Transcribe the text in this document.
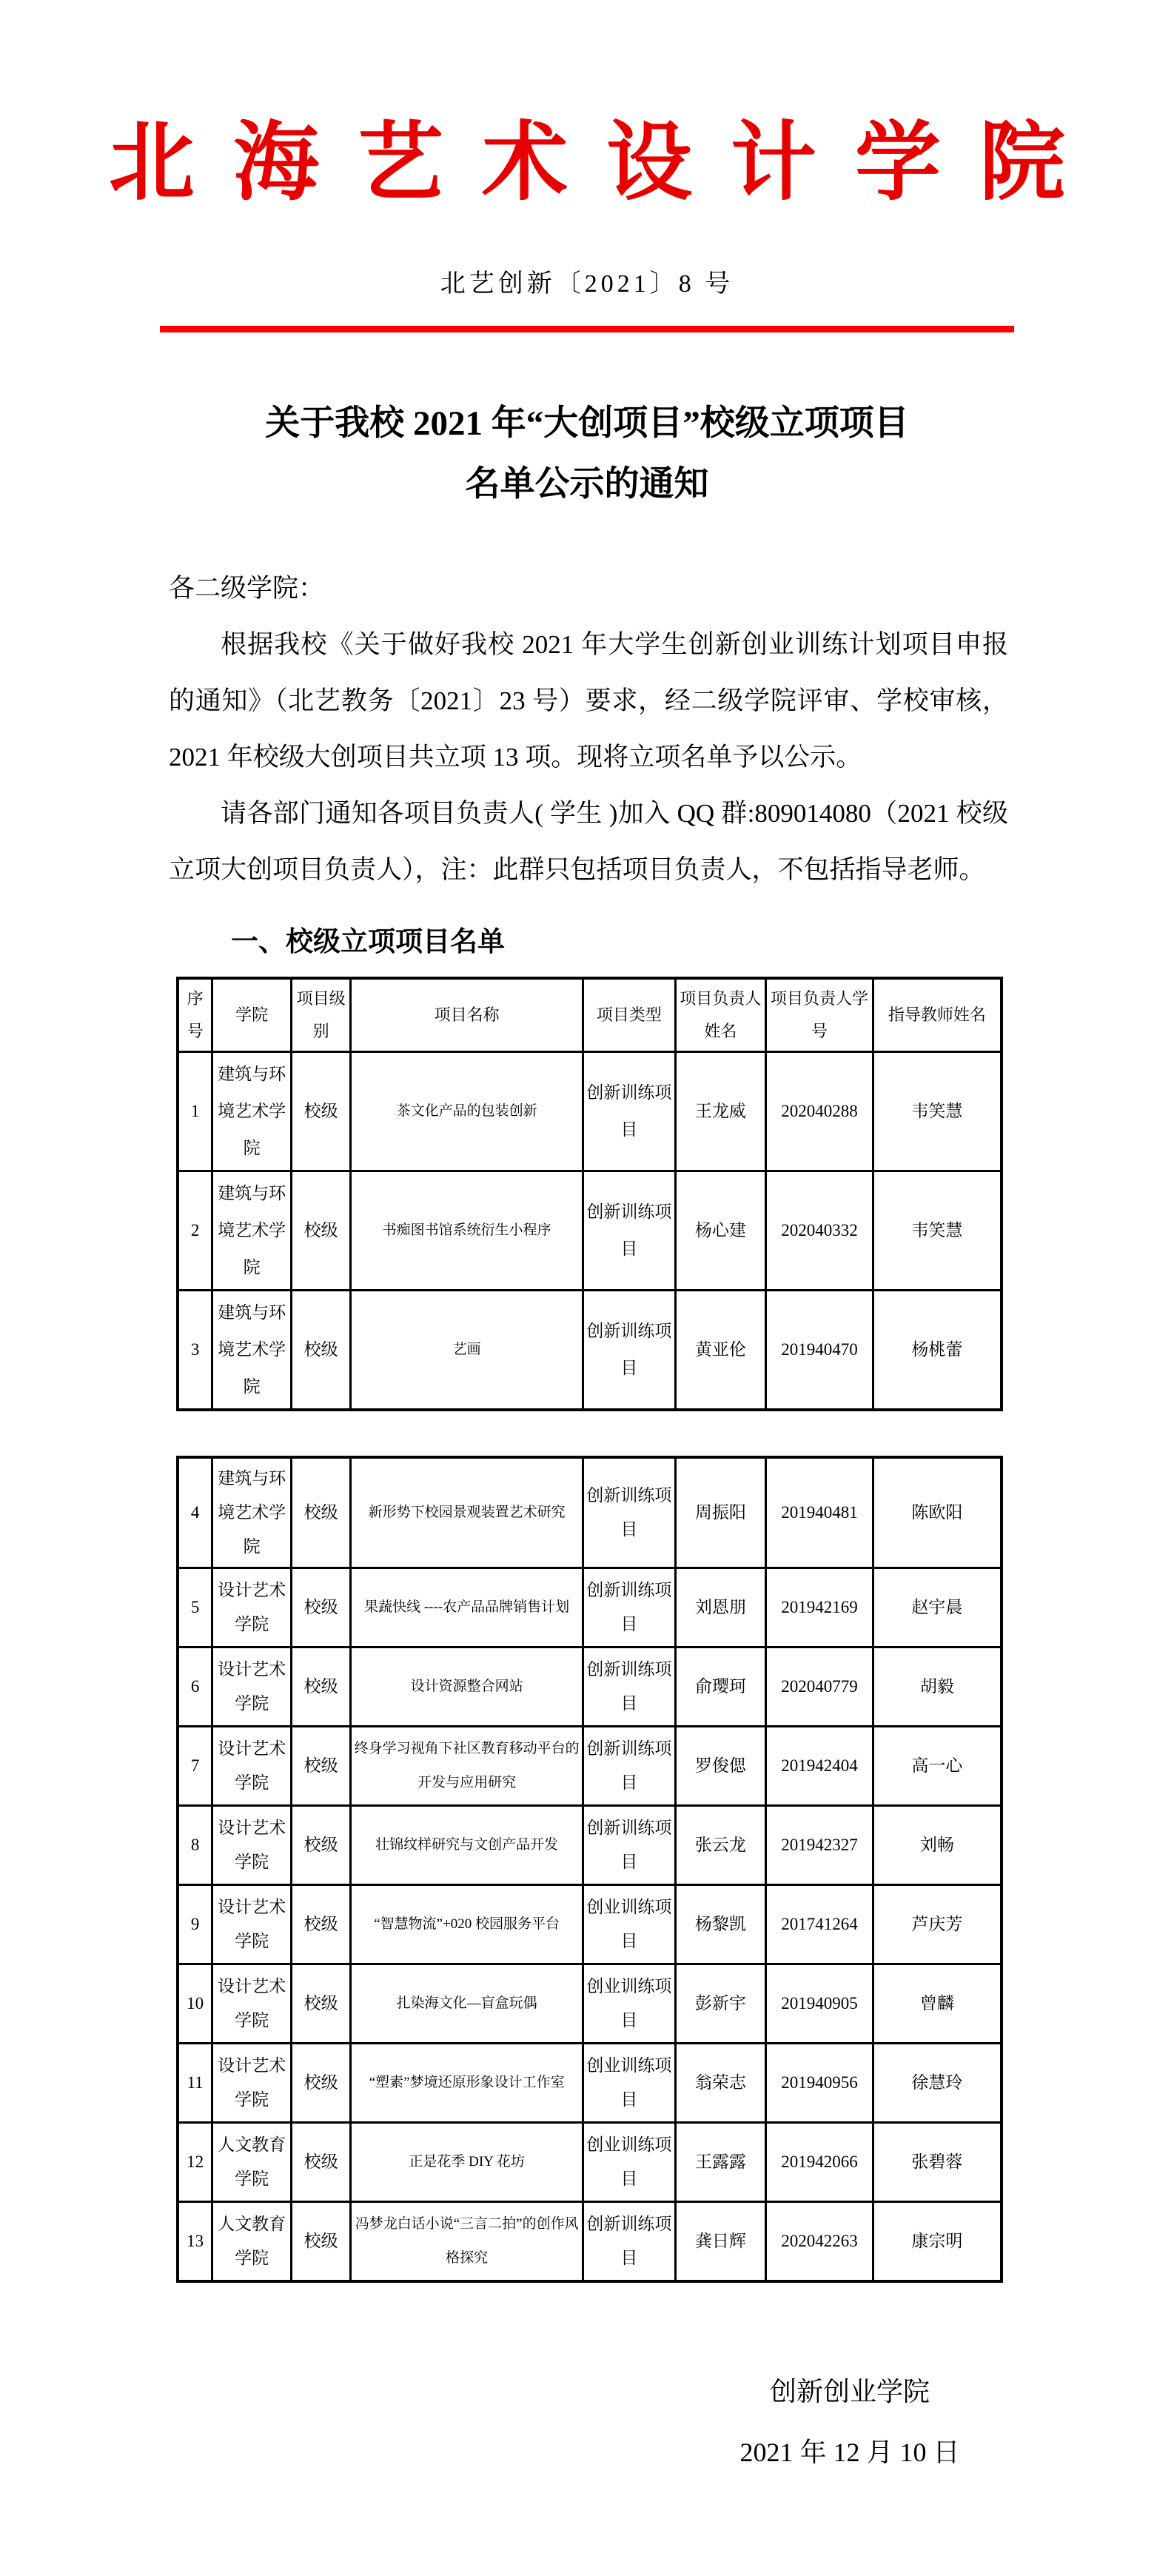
北海艺术设计学院
北艺创新〔2021〕8 号
关于我校 2021 年“大创项目”校级立项项目
名单公示的通知

各二级学院：

根据我校《关于做好我校 2021 年大学生创新创业训练计划项目申报的通知》（北艺教务〔2021〕23 号）要求，经二级学院评审、学校审核，2021 年校级大创项目共立项 13 项。现将立项名单予以公示。

请各部门通知各项目负责人( 学生 )加入 QQ 群:809014080（2021 校级立项大创项目负责人），注：此群只包括项目负责人，不包括指导老师。

一、校级立项项目名单
序号	学院	项目级别	项目名称	项目类型	项目负责人姓名	项目负责人学号	指导教师姓名
1	建筑与环境艺术学院	校级	茶文化产品的包装创新	创新训练项目	王龙威	202040288	韦笑慧
2	建筑与环境艺术学院	校级	书痴图书馆系统衍生小程序	创新训练项目	杨心建	202040332	韦笑慧
3	建筑与环境艺术学院	校级	艺画	创新训练项目	黄亚伦	201940470	杨桃蕾
4	建筑与环境艺术学院	校级	新形势下校园景观装置艺术研究	创新训练项目	周振阳	201940481	陈欧阳
5	设计艺术学院	校级	果蔬快线 ----农产品品牌销售计划	创新训练项目	刘恩朋	201942169	赵宇晨
6	设计艺术学院	校级	设计资源整合网站	创新训练项目	俞璎珂	202040779	胡毅
7	设计艺术学院	校级	终身学习视角下社区教育移动平台的开发与应用研究	创新训练项目	罗俊偲	201942404	高一心
8	设计艺术学院	校级	壮锦纹样研究与文创产品开发	创新训练项目	张云龙	201942327	刘畅
9	设计艺术学院	校级	“智慧物流”+020 校园服务平台	创业训练项目	杨黎凯	201741264	芦庆芳
10	设计艺术学院	校级	扎染海文化—盲盒玩偶	创业训练项目	彭新宇	201940905	曾麟
11	设计艺术学院	校级	“塑素”梦境还原形象设计工作室	创业训练项目	翁荣志	201940956	徐慧玲
12	人文教育学院	校级	正是花季 DIY 花坊	创业训练项目	王露露	201942066	张碧蓉
13	人文教育学院	校级	冯梦龙白话小说“三言二拍”的创作风格探究	创新训练项目	龚日辉	202042263	康宗明
创新创业学院
2021 年 12 月 10 日
